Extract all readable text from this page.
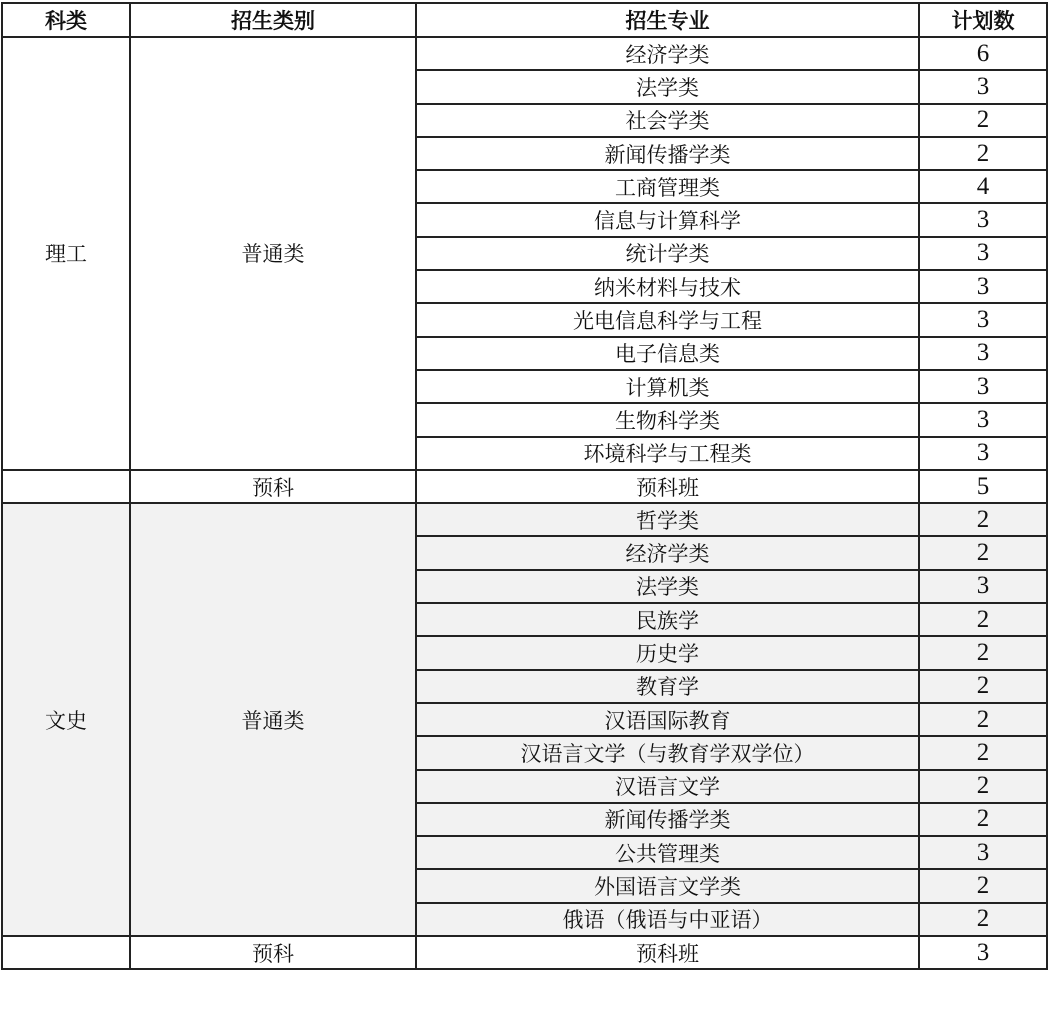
科类	招生类别	招生专业	计划数
理工	普通类	经济学类	6
		法学类	3
		社会学类	2
		新闻传播学类	2
		工商管理类	4
		信息与计算科学	3
		统计学类	3
		纳米材料与技术	3
		光电信息科学与工程	3
		电子信息类	3
		计算机类	3
		生物科学类	3
		环境科学与工程类	3
	预科	预科班	5
文史	普通类	哲学类	2
		经济学类	2
		法学类	3
		民族学	2
		历史学	2
		教育学	2
		汉语国际教育	2
		汉语言文学（与教育学双学位）	2
		汉语言文学	2
		新闻传播学类	2
		公共管理类	3
		外国语言文学类	2
		俄语（俄语与中亚语）	2
	预科	预科班	3
